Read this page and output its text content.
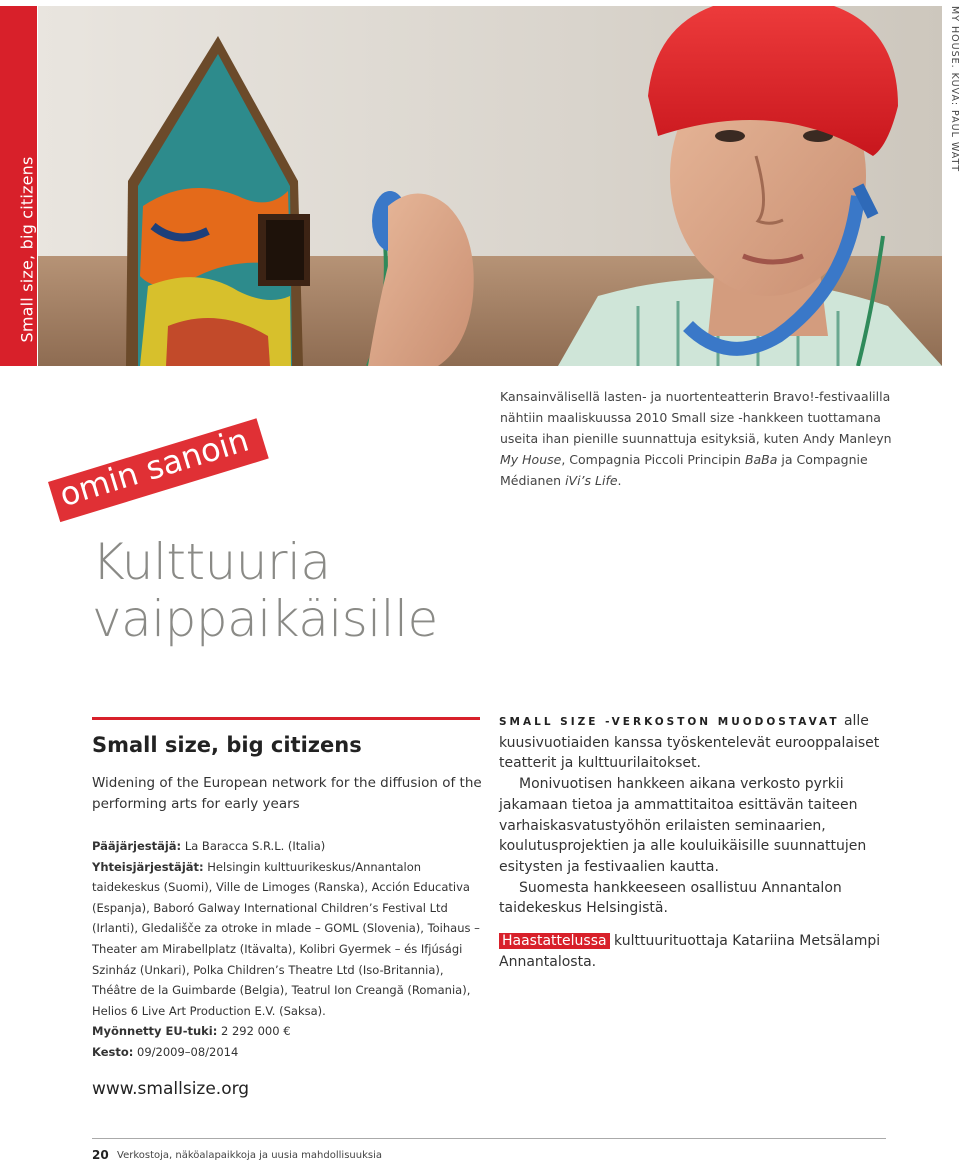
Small size, big citizens
MY HOUSE. KUVA: PAUL WATT
Kansainvälisellä lasten- ja nuortenteatterin Bravo!-festivaalilla nähtiin maaliskuussa 2010 Small size -hankkeen tuottamana useita ihan pienille suunnattuja esityksiä, kuten Andy Manleyn My House, Compagnia Piccoli Principin BaBa ja Compagnie Médianen iVi’s Life.
omin sanoin
Kulttuuria
vaippaikäisille
Small size, big citizens
Widening of the European network for the diffusion of the performing arts for early years

Pääjärjestäjä: La Baracca S.R.L. (Italia)

Yhteisjärjestäjät: Helsingin kulttuurikeskus/Annantalon taidekeskus (Suomi), Ville de Limoges (Ranska), Acción Educativa (Espanja), Baboró Galway International Children’s Festival Ltd (Irlanti), Gledališče za otroke in mlade – GOML (Slovenia), Toihaus – Theater am Mirabellplatz (Itävalta), Kolibri Gyermek – és Ifjúsági Szinház (Unkari), Polka Children’s Theatre Ltd (Iso-Britannia), Théâtre de la Guimbarde (Belgia), Teatrul Ion Creangă (Romania), Helios 6 Live Art Production E.V. (Saksa).

Myönnetty EU-tuki: 2 292 000 €

Kesto: 09/2009–08/2014

www.smallsize.org

SMALL SIZE -VERKOSTON MUODOSTAVAT alle kuusivuotiaiden kanssa työskentelevät eurooppalaiset teatterit ja kulttuurilaitokset.

Monivuotisen hankkeen aikana verkosto pyrkii jakamaan tietoa ja ammattitaitoa esittävän taiteen varhaiskasvatustyöhön erilaisten seminaarien, koulutusprojektien ja alle kouluikäisille suunnattujen esitysten ja festivaalien kautta.

Suomesta hankkeeseen osallistuu Annantalon taidekeskus Helsingistä.

Haastattelussa kulttuurituottaja Katariina Metsälampi Annantalosta.

20 Verkostoja, näköalapaikkoja ja uusia mahdollisuuksia
